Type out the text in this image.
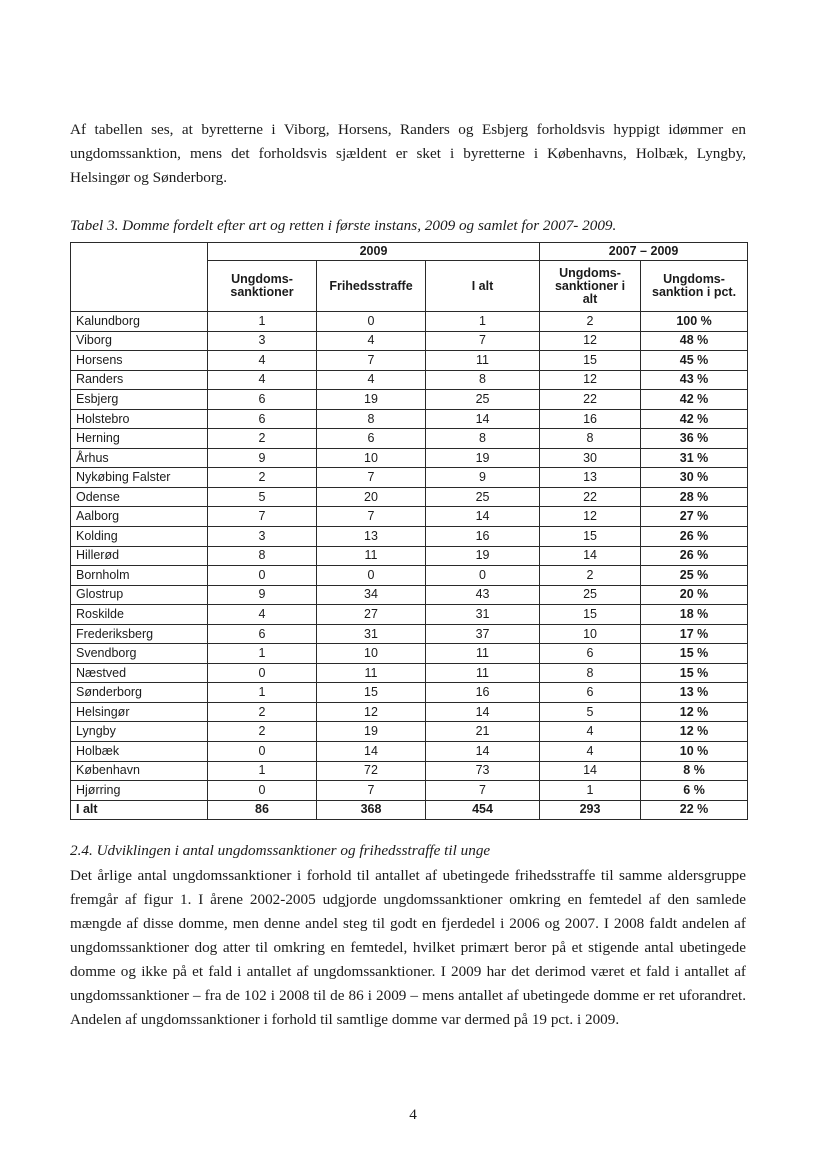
Af tabellen ses, at byretterne i Viborg, Horsens, Randers og Esbjerg forholdsvis hyppigt idømmer en ungdomssanktion, mens det forholdsvis sjældent er sket i byretterne i Københavns, Holbæk, Lyngby, Helsingør og Sønderborg.

Tabel 3. Domme fordelt efter art og retten i første instans, 2009 og samlet for 2007- 2009.

	2009			2007 – 2009	
	Ungdoms-sanktioner	Frihedsstraffe	I alt	Ungdoms-sanktioner i alt	Ungdoms-sanktion i pct.
Kalundborg	1	0	1	2	100 %
Viborg	3	4	7	12	48 %
Horsens	4	7	11	15	45 %
Randers	4	4	8	12	43 %
Esbjerg	6	19	25	22	42 %
Holstebro	6	8	14	16	42 %
Herning	2	6	8	8	36 %
Århus	9	10	19	30	31 %
Nykøbing Falster	2	7	9	13	30 %
Odense	5	20	25	22	28 %
Aalborg	7	7	14	12	27 %
Kolding	3	13	16	15	26 %
Hillerød	8	11	19	14	26 %
Bornholm	0	0	0	2	25 %
Glostrup	9	34	43	25	20 %
Roskilde	4	27	31	15	18 %
Frederiksberg	6	31	37	10	17 %
Svendborg	1	10	11	6	15 %
Næstved	0	11	11	8	15 %
Sønderborg	1	15	16	6	13 %
Helsingør	2	12	14	5	12 %
Lyngby	2	19	21	4	12 %
Holbæk	0	14	14	4	10 %
København	1	72	73	14	8 %
Hjørring	0	7	7	1	6 %
I alt	86	368	454	293	22 %

2.4. Udviklingen i antal ungdomssanktioner og frihedsstraffe til unge

Det årlige antal ungdomssanktioner i forhold til antallet af ubetingede frihedsstraffe til samme aldersgruppe fremgår af figur 1. I årene 2002-2005 udgjorde ungdomssanktioner omkring en femtedel af den samlede mængde af disse domme, men denne andel steg til godt en fjerdedel i 2006 og 2007. I 2008 faldt andelen af ungdomssanktioner dog atter til omkring en femtedel, hvilket primært beror på et stigende antal ubetingede domme og ikke på et fald i antallet af ungdomssanktioner. I 2009 har det derimod været et fald i antallet af ungdomssanktioner – fra de 102 i 2008 til de 86 i 2009 – mens antallet af ubetingede domme er ret uforandret. Andelen af ungdomssanktioner i forhold til samtlige domme var dermed på 19 pct. i 2009.

4
